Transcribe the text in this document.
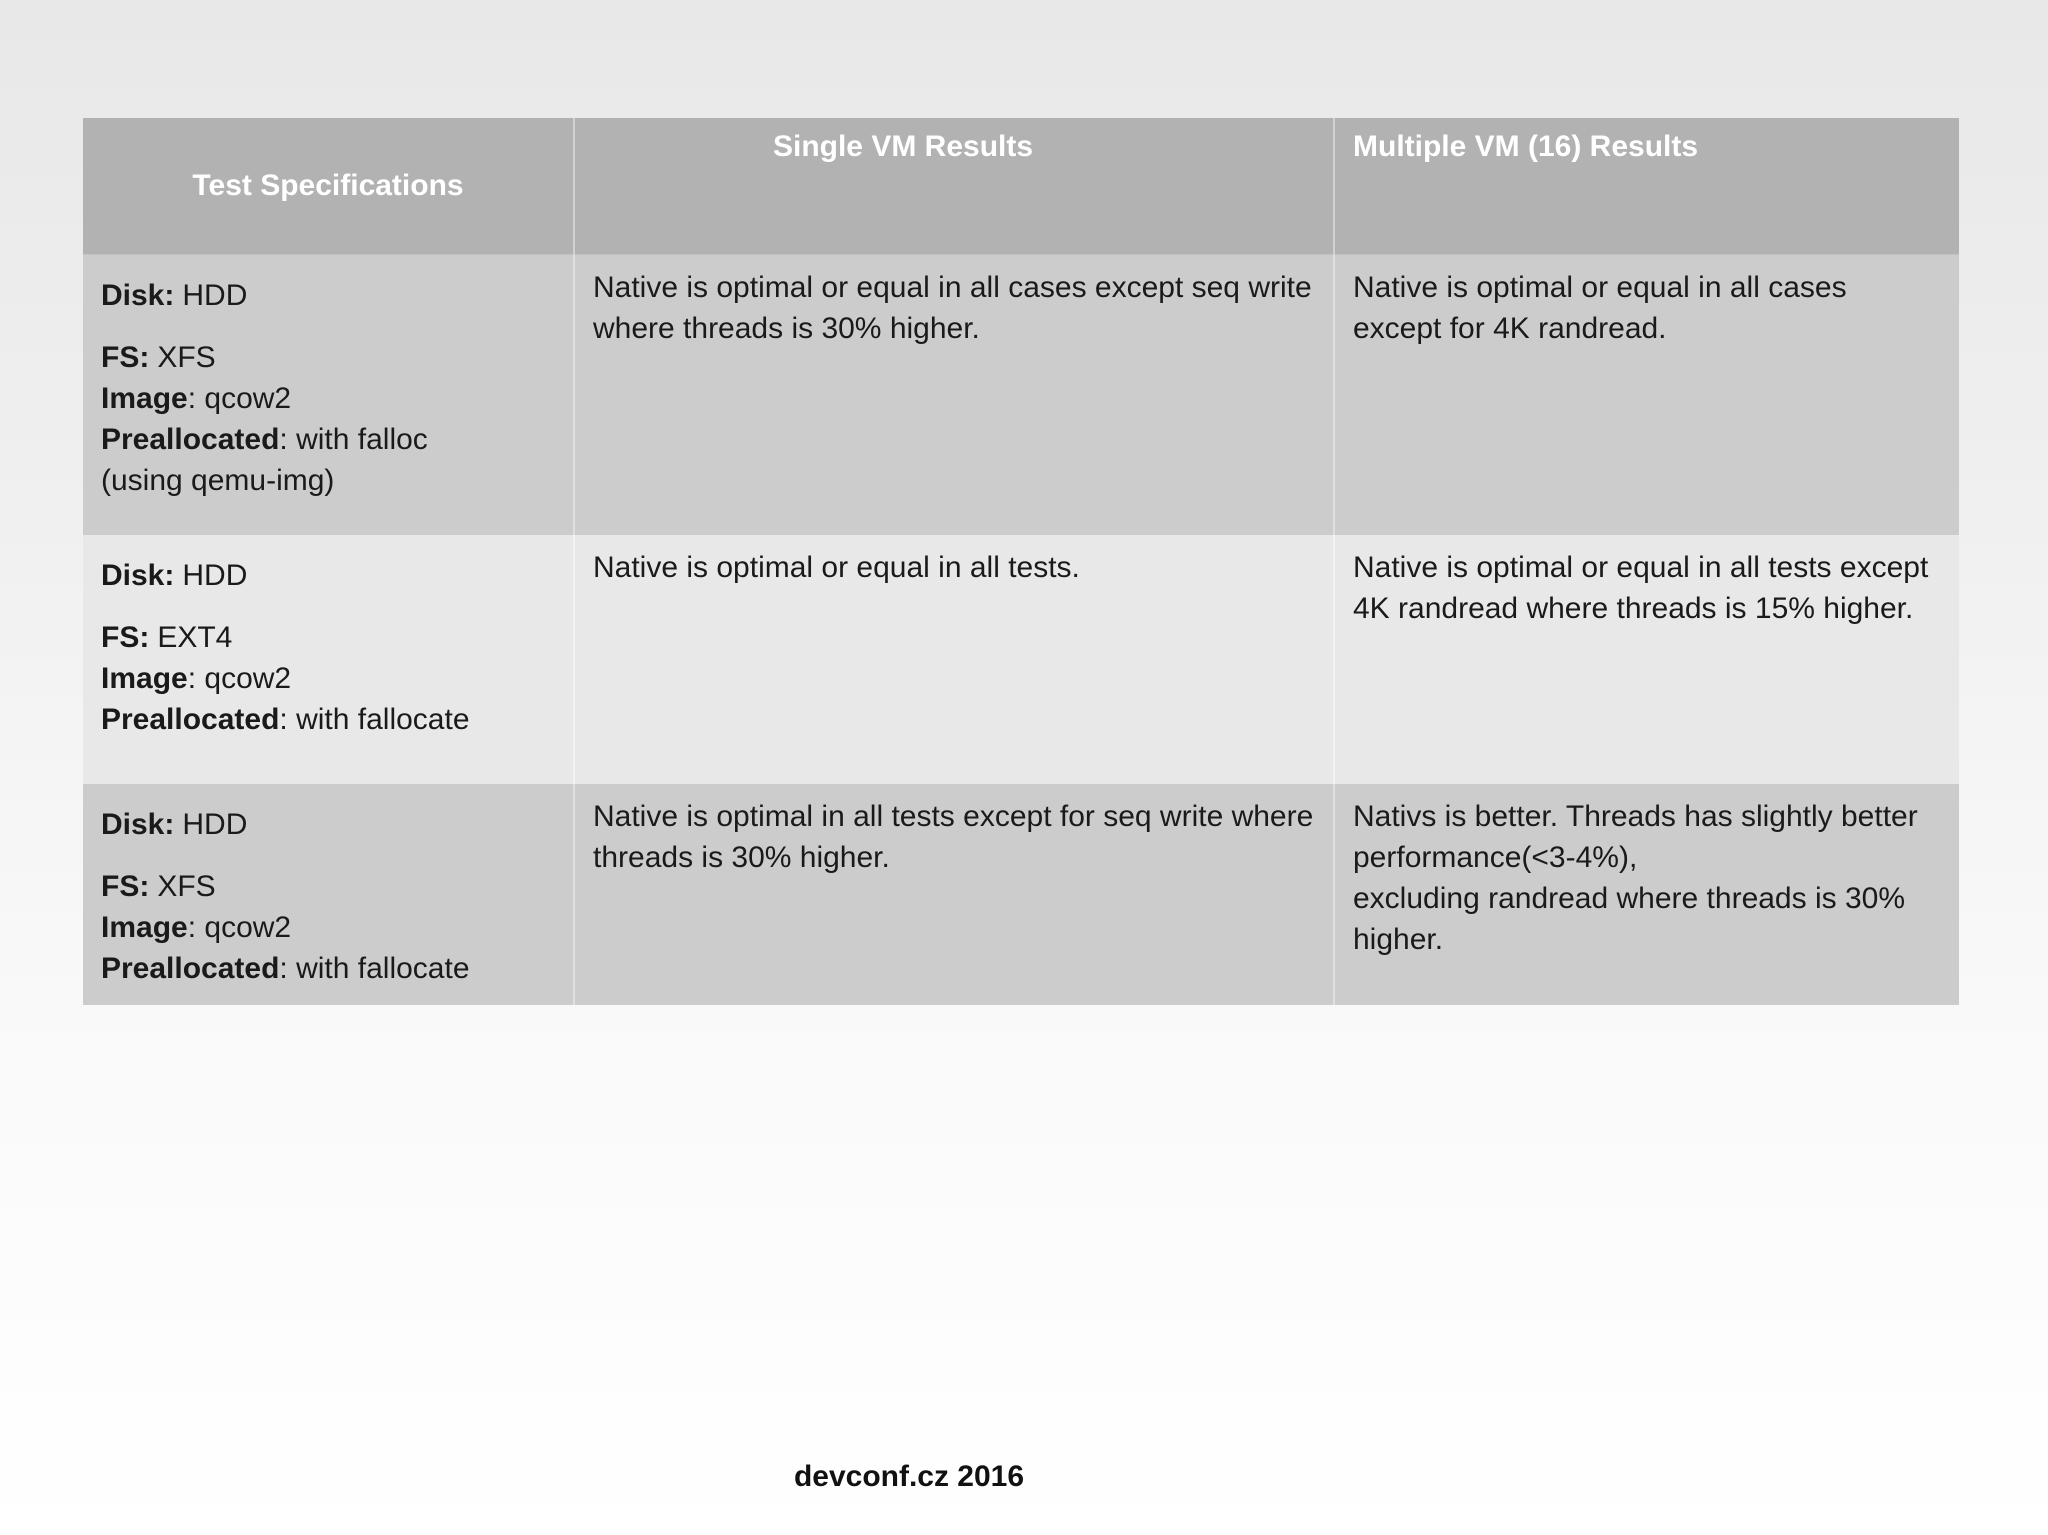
Test Specifications	Single VM Results	Multiple VM (16) Results

Disk: HDD
FS: XFS
Image: qcow2
Preallocated: with falloc
(using qemu-img)	Native is optimal or equal in all cases except seq write where threads is 30% higher.	Native is optimal or equal in all cases except for 4K randread.

Disk: HDD
FS: EXT4
Image: qcow2
Preallocated: with fallocate	Native is optimal or equal in all tests.	Native is optimal or equal in all tests except 4K randread where threads is 15% higher.

Disk: HDD
FS: XFS
Image: qcow2
Preallocated: with fallocate	Native is optimal in all tests except for seq write where threads is 30% higher.	Nativs is better. Threads has slightly better performance(<3-4%),
excluding randread where threads is 30% higher.
devconf.cz 2016
